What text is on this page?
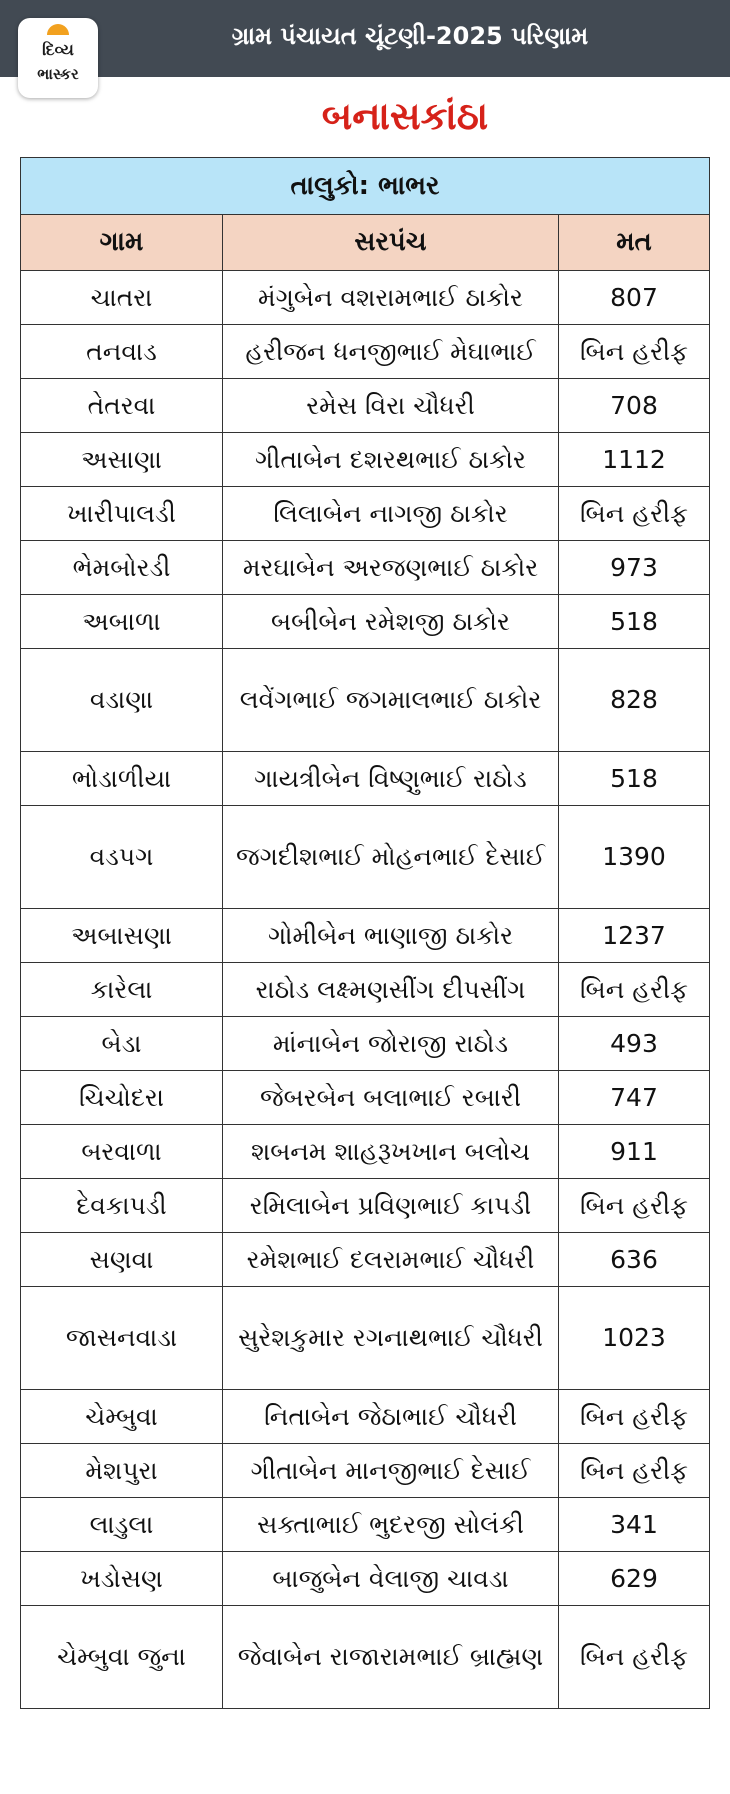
ગ્રામ પંચાયત ચૂંટણી-2025 પરિણામ
દિવ્ય
ભાસ્કર
બનાસકાંઠા
તાલુકો: ભાભર		
ગામ	સરપંચ	મત
ચાતરા	મંગુબેન વશરામભાઈ ઠાકોર	807
તનવાડ	હરીજન ધનજીભાઈ મેઘાભાઈ	બિન હરીફ
તેતરવા	રમેસ વિરા ચૌધરી	708
અસાણા	ગીતાબેન દશરથભાઈ ઠાકોર	1112
ખારીપાલડી	લિલાબેન નાગજી ઠાકોર	બિન હરીફ
ભેમબોરડી	મરઘાબેન અરજણભાઈ ઠાકોર	973
અબાળા	બબીબેન રમેશજી ઠાકોર	518
વડાણા	લવેંગભાઈ જગમાલભાઈ ઠાકોર	828
ભોડાળીયા	ગાયત્રીબેન વિષ્ણુભાઈ રાઠોડ	518
વડપગ	જગદીશભાઈ મોહનભાઈ દેસાઈ	1390
અબાસણા	ગોમીબેન ભાણાજી ઠાકોર	1237
કારેલા	રાઠોડ લક્ષ્મણસીંગ દીપસીંગ	બિન હરીફ
બેડા	માંનાબેન જોરાજી રાઠોડ	493
ચિચોદરા	જેબરબેન બલાભાઈ રબારી	747
બરવાળા	શબનમ શાહરૂખખાન બલોચ	911
દેવકાપડી	રમિલાબેન પ્રવિણભાઈ કાપડી	બિન હરીફ
સણવા	રમેશભાઈ દલરામભાઈ ચૌધરી	636
જાસનવાડા	સુરેશકુમાર રગનાથભાઈ ચૌધરી	1023
ચેમ્બુવા	નિતાબેન જેઠાભાઈ ચૌધરી	બિન હરીફ
મેશપુરા	ગીતાબેન માનજીભાઈ દેસાઈ	બિન હરીફ
લાડુલા	સક્તાભાઈ ભુદરજી સોલંકી	341
ખડોસણ	બાજુબેન વેલાજી ચાવડા	629
ચેમ્બુવા જુના	જેવાબેન રાજારામભાઈ બ્રાહ્મણ	બિન હરીફ
